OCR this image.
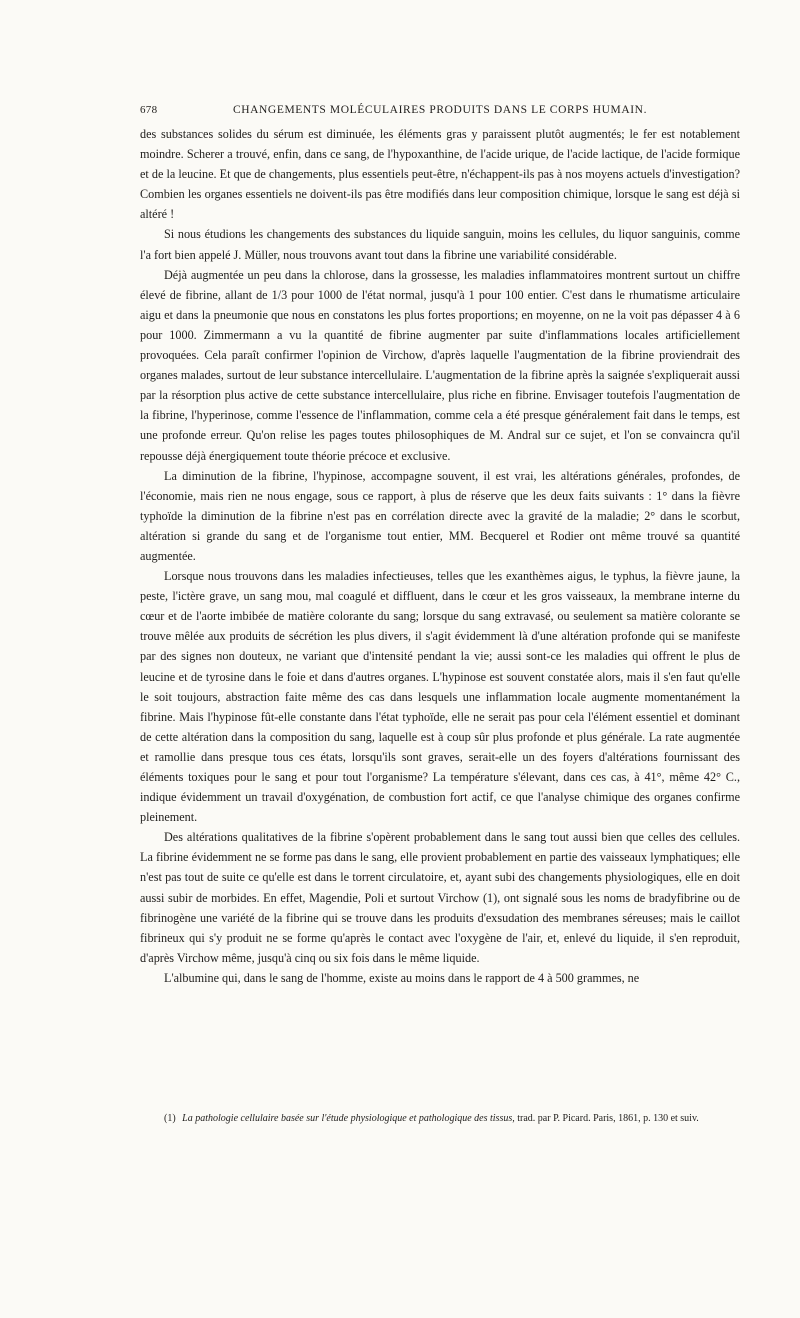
678	CHANGEMENTS MOLÉCULAIRES PRODUITS DANS LE CORPS HUMAIN.

des substances solides du sérum est diminuée, les éléments gras y paraissent plutôt augmentés; le fer est notablement moindre. Scherer a trouvé, enfin, dans ce sang, de l'hypoxanthine, de l'acide urique, de l'acide lactique, de l'acide formique et de la leucine. Et que de changements, plus essentiels peut-être, n'échappent-ils pas à nos moyens actuels d'investigation? Combien les organes essentiels ne doivent-ils pas être modifiés dans leur composition chimique, lorsque le sang est déjà si altéré !

Si nous étudions les changements des substances du liquide sanguin, moins les cellules, du liquor sanguinis, comme l'a fort bien appelé J. Müller, nous trouvons avant tout dans la fibrine une variabilité considérable.

Déjà augmentée un peu dans la chlorose, dans la grossesse, les maladies inflammatoires montrent surtout un chiffre élevé de fibrine, allant de 1/3 pour 1000 de l'état normal, jusqu'à 1 pour 100 entier. C'est dans le rhumatisme articulaire aigu et dans la pneumonie que nous en constatons les plus fortes proportions; en moyenne, on ne la voit pas dépasser 4 à 6 pour 1000. Zimmermann a vu la quantité de fibrine augmenter par suite d'inflammations locales artificiellement provoquées. Cela paraît confirmer l'opinion de Virchow, d'après laquelle l'augmentation de la fibrine proviendrait des organes malades, surtout de leur substance intercellulaire. L'augmentation de la fibrine après la saignée s'expliquerait aussi par la résorption plus active de cette substance intercellulaire, plus riche en fibrine. Envisager toutefois l'augmentation de la fibrine, l'hyperinose, comme l'essence de l'inflammation, comme cela a été presque généralement fait dans le temps, est une profonde erreur. Qu'on relise les pages toutes philosophiques de M. Andral sur ce sujet, et l'on se convaincra qu'il repousse déjà énergiquement toute théorie précoce et exclusive.

La diminution de la fibrine, l'hypinose, accompagne souvent, il est vrai, les altérations générales, profondes, de l'économie, mais rien ne nous engage, sous ce rapport, à plus de réserve que les deux faits suivants : 1° dans la fièvre typhoïde la diminution de la fibrine n'est pas en corrélation directe avec la gravité de la maladie; 2° dans le scorbut, altération si grande du sang et de l'organisme tout entier, MM. Becquerel et Rodier ont même trouvé sa quantité augmentée.

Lorsque nous trouvons dans les maladies infectieuses, telles que les exanthèmes aigus, le typhus, la fièvre jaune, la peste, l'ictère grave, un sang mou, mal coagulé et diffluent, dans le cœur et les gros vaisseaux, la membrane interne du cœur et de l'aorte imbibée de matière colorante du sang; lorsque du sang extravasé, ou seulement sa matière colorante se trouve mêlée aux produits de sécrétion les plus divers, il s'agit évidemment là d'une altération profonde qui se manifeste par des signes non douteux, ne variant que d'intensité pendant la vie; aussi sont-ce les maladies qui offrent le plus de leucine et de tyrosine dans le foie et dans d'autres organes. L'hypinose est souvent constatée alors, mais il s'en faut qu'elle le soit toujours, abstraction faite même des cas dans lesquels une inflammation locale augmente momentanément la fibrine. Mais l'hypinose fût-elle constante dans l'état typhoïde, elle ne serait pas pour cela l'élément essentiel et dominant de cette altération dans la composition du sang, laquelle est à coup sûr plus profonde et plus générale. La rate augmentée et ramollie dans presque tous ces états, lorsqu'ils sont graves, serait-elle un des foyers d'altérations fournissant des éléments toxiques pour le sang et pour tout l'organisme? La température s'élevant, dans ces cas, à 41°, même 42° C., indique évidemment un travail d'oxygénation, de combustion fort actif, ce que l'analyse chimique des organes confirme pleinement.

Des altérations qualitatives de la fibrine s'opèrent probablement dans le sang tout aussi bien que celles des cellules. La fibrine évidemment ne se forme pas dans le sang, elle provient probablement en partie des vaisseaux lymphatiques; elle n'est pas tout de suite ce qu'elle est dans le torrent circulatoire, et, ayant subi des changements physiologiques, elle en doit aussi subir de morbides. En effet, Magendie, Poli et surtout Virchow (1), ont signalé sous les noms de bradyfibrine ou de fibrinogène une variété de la fibrine qui se trouve dans les produits d'exsudation des membranes séreuses; mais le caillot fibrineux qui s'y produit ne se forme qu'après le contact avec l'oxygène de l'air, et, enlevé du liquide, il s'en reproduit, d'après Virchow même, jusqu'à cinq ou six fois dans le même liquide.

L'albumine qui, dans le sang de l'homme, existe au moins dans le rapport de 4 à 500 grammes, ne

(1) La pathologie cellulaire basée sur l'étude physiologique et pathologique des tissus, trad. par P. Picard. Paris, 1861, p. 130 et suiv.
